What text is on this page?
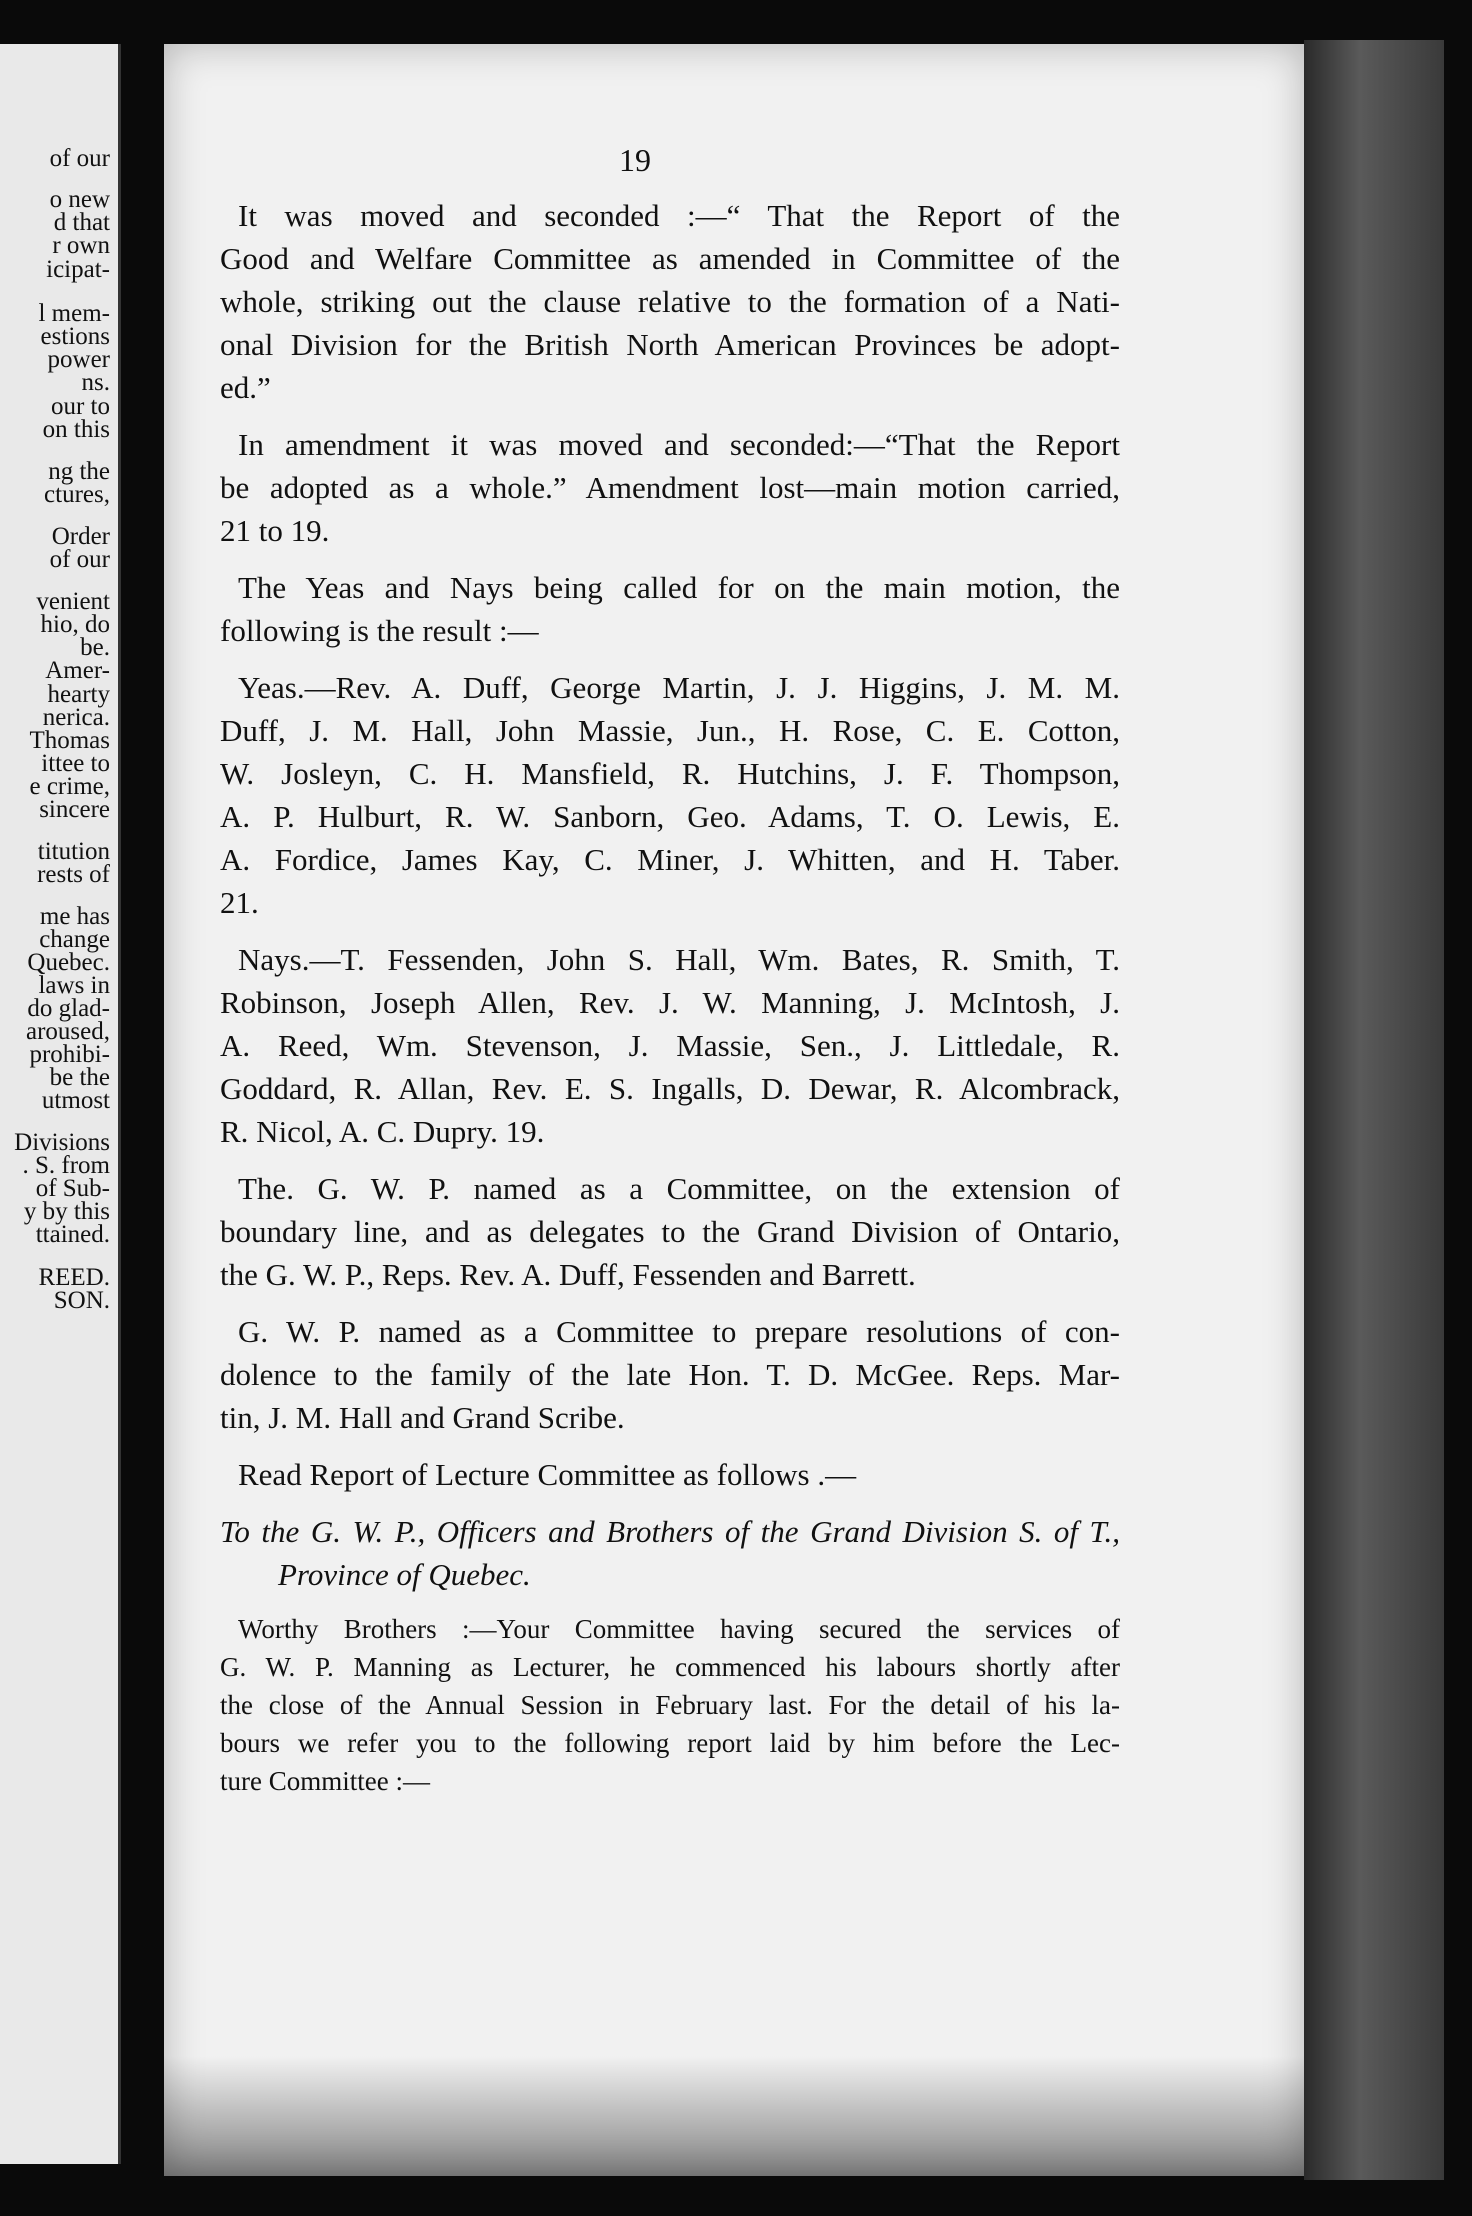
of our
o new
d that
r own
icipat-
l mem-
estions
power
ns.
our to
on this
ng the
ctures,
Order
of our
venient
hio, do
be.
Amer-
hearty
nerica.
Thomas
ittee to
e crime,
sincere
titution
rests of
me has
change
Quebec.
laws in
do glad-
aroused,
prohibi-
be the
utmost
Divisions
. S. from
of Sub-
y by this
ttained.
REED.
SON.
19
It was moved and seconded :—“ That the Report of the
Good and Welfare Committee as amended in Committee of the
whole, striking out the clause relative to the formation of a Nati-
onal Division for the British North American Provinces be adopt-
ed.”
In amendment it was moved and seconded:—“That the Report
be adopted as a whole.” Amendment lost—main motion carried,
21 to 19.
The Yeas and Nays being called for on the main motion, the
following is the result :—
Yeas.—Rev. A. Duff, George Martin, J. J. Higgins, J. M. M.
Duff, J. M. Hall, John Massie, Jun., H. Rose, C. E. Cotton,
W. Josleyn, C. H. Mansfield, R. Hutchins, J. F. Thompson,
A. P. Hulburt, R. W. Sanborn, Geo. Adams, T. O. Lewis, E.
A. Fordice, James Kay, C. Miner, J. Whitten, and H. Taber.
21.
Nays.—T. Fessenden, John S. Hall, Wm. Bates, R. Smith, T.
Robinson, Joseph Allen, Rev. J. W. Manning, J. McIntosh, J.
A. Reed, Wm. Stevenson, J. Massie, Sen., J. Littledale, R.
Goddard, R. Allan, Rev. E. S. Ingalls, D. Dewar, R. Alcombrack,
R. Nicol, A. C. Dupry. 19.
The. G. W. P. named as a Committee, on the extension of
boundary line, and as delegates to the Grand Division of Ontario,
the G. W. P., Reps. Rev. A. Duff, Fessenden and Barrett.
G. W. P. named as a Committee to prepare resolutions of con-
dolence to the family of the late Hon. T. D. McGee. Reps. Mar-
tin, J. M. Hall and Grand Scribe.
Read Report of Lecture Committee as follows .—
To the G. W. P., Officers and Brothers of the Grand Division S. of T.,
Province of Quebec.
Worthy Brothers :—Your Committee having secured the services of
G. W. P. Manning as Lecturer, he commenced his labours shortly after
the close of the Annual Session in February last. For the detail of his la-
bours we refer you to the following report laid by him before the Lec-
ture Committee :—
